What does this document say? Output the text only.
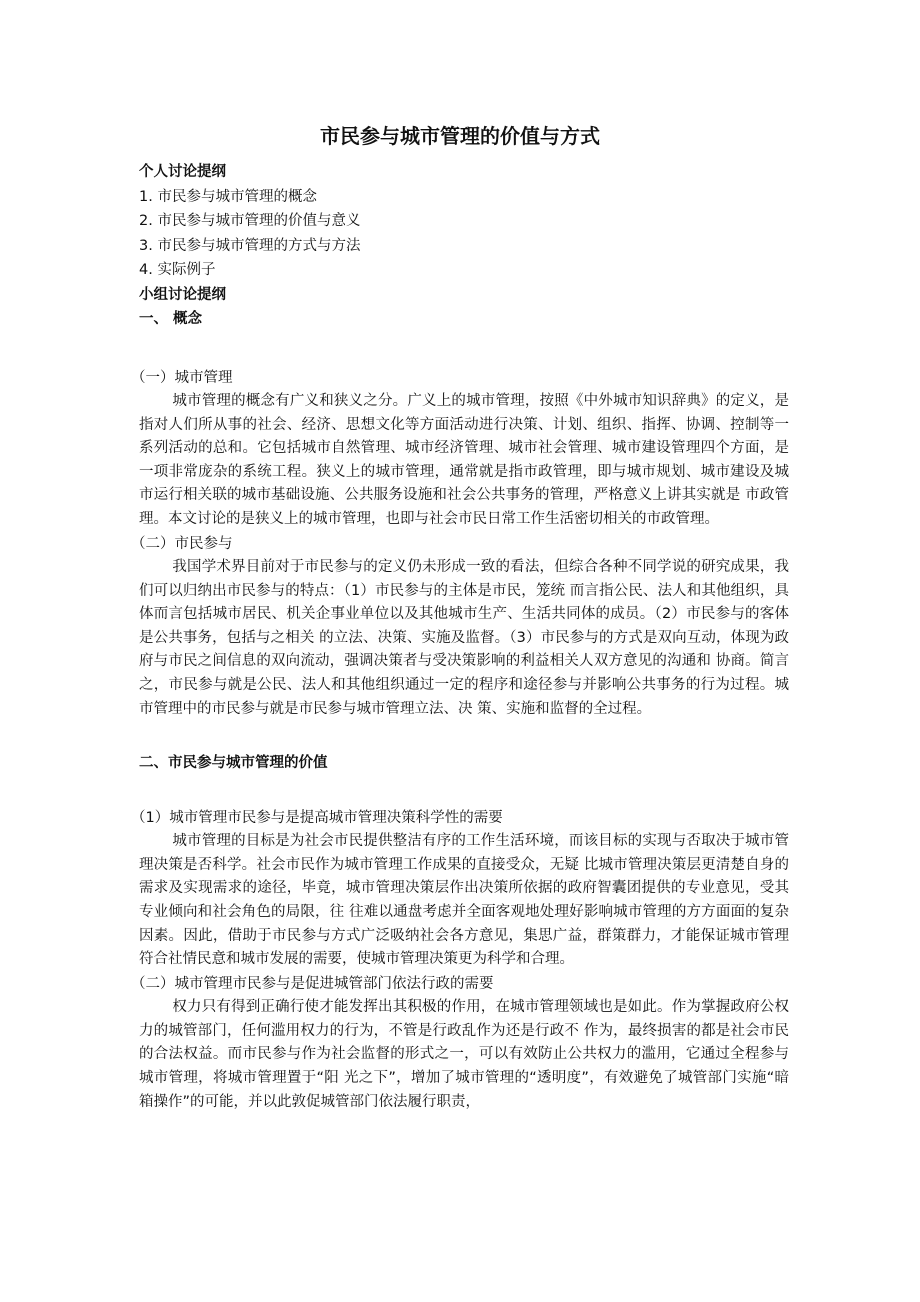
市民参与城市管理的价值与方式
个人讨论提纲
1. 市民参与城市管理的概念
2. 市民参与城市管理的价值与意义
3. 市民参与城市管理的方式与方法
4. 实际例子
小组讨论提纲
一、 概念
（一）城市管理

城市管理的概念有广义和狭义之分。广义上的城市管理，按照《中外城市知识辞典》的定义，是指对人们所从事的社会、经济、思想文化等方面活动进行决策、计划、组织、指挥、协调、控制等一系列活动的总和。它包括城市自然管理、城市经济管理、城市社会管理、城市建设管理四个方面，是一项非常庞杂的系统工程。狭义上的城市管理，通常就是指市政管理，即与城市规划、城市建设及城市运行相关联的城市基础设施、公共服务设施和社会公共事务的管理，严格意义上讲其实就是 市政管理。本文讨论的是狭义上的城市管理，也即与社会市民日常工作生活密切相关的市政管理。

（二）市民参与

我国学术界目前对于市民参与的定义仍未形成一致的看法，但综合各种不同学说的研究成果，我们可以归纳出市民参与的特点：（1）市民参与的主体是市民，笼统 而言指公民、法人和其他组织，具体而言包括城市居民、机关企事业单位以及其他城市生产、生活共同体的成员。（2）市民参与的客体是公共事务，包括与之相关 的立法、决策、实施及监督。（3）市民参与的方式是双向互动，体现为政府与市民之间信息的双向流动，强调决策者与受决策影响的利益相关人双方意见的沟通和 协商。简言之，市民参与就是公民、法人和其他组织通过一定的程序和途径参与并影响公共事务的行为过程。城市管理中的市民参与就是市民参与城市管理立法、决 策、实施和监督的全过程。

二、市民参与城市管理的价值
（1）城市管理市民参与是提高城市管理决策科学性的需要

城市管理的目标是为社会市民提供整洁有序的工作生活环境，而该目标的实现与否取决于城市管理决策是否科学。社会市民作为城市管理工作成果的直接受众，无疑 比城市管理决策层更清楚自身的需求及实现需求的途径，毕竟，城市管理决策层作出决策所依据的政府智囊团提供的专业意见，受其专业倾向和社会角色的局限，往 往难以通盘考虑并全面客观地处理好影响城市管理的方方面面的复杂因素。因此，借助于市民参与方式广泛吸纳社会各方意见，集思广益，群策群力，才能保证城市管理符合社情民意和城市发展的需要，使城市管理决策更为科学和合理。

（二）城市管理市民参与是促进城管部门依法行政的需要

权力只有得到正确行使才能发挥出其积极的作用，在城市管理领域也是如此。作为掌握政府公权力的城管部门，任何滥用权力的行为，不管是行政乱作为还是行政不 作为，最终损害的都是社会市民的合法权益。而市民参与作为社会监督的形式之一，可以有效防止公共权力的滥用，它通过全程参与城市管理，将城市管理置于“阳 光之下”，增加了城市管理的“透明度”，有效避免了城管部门实施“暗箱操作”的可能，并以此敦促城管部门依法履行职责，
